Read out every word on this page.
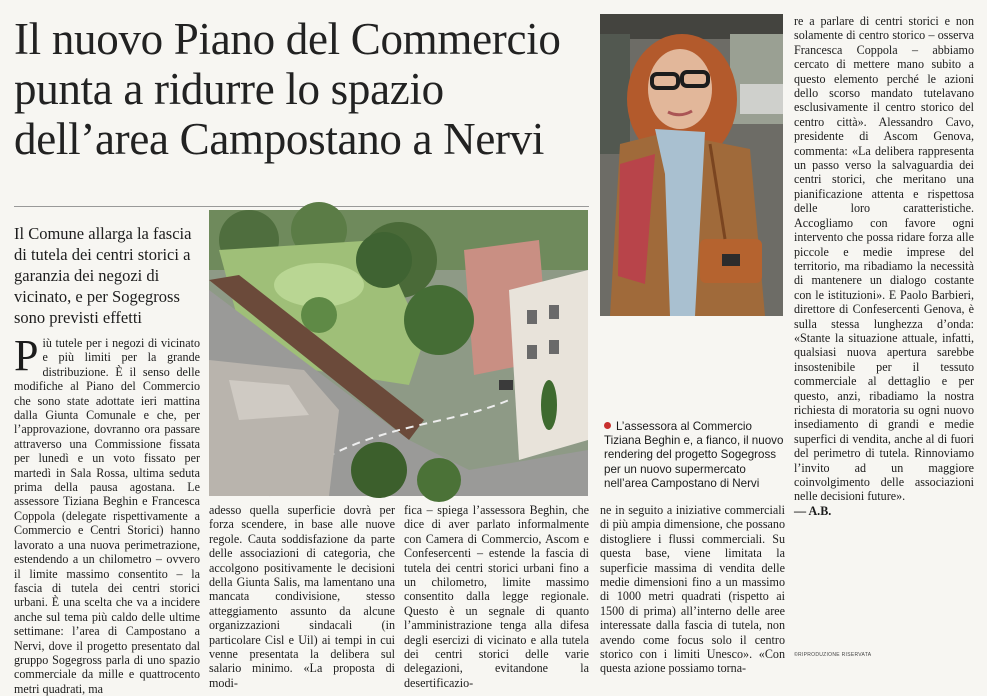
Il nuovo Piano del Commercio punta a ridurre lo spazio dell’area Campostano a Nervi
Il Comune allarga la fascia di tutela dei centri storici a garanzia dei negozi di vicinato, e per Sogegross sono previsti effetti
P iù tutele per i negozi di vicinato e più limiti per la grande distribuzione. È il senso delle modifiche al Piano del Commercio che sono state adottate ieri mattina dalla Giunta Comunale e che, per l’approvazione, dovranno ora passare attraverso una Commissione fissata per lunedì e un voto fissato per martedì in Sala Rossa, ultima seduta prima della pausa agostana. Le assessore Tiziana Beghin e Francesca Coppola (delegate rispettivamente a Commercio e Centri Storici) hanno lavorato a una nuova perimetrazione, estendendo a un chilometro – ovvero il limite massimo consentito – la fascia di tutela dei centri storici urbani. È una scelta che va a incidere anche sul tema più caldo delle ultime settimane: l’area di Campostano a Nervi, dove il progetto presentato dal gruppo Sogegross parla di uno spazio commerciale da mille e quattrocento metri quadrati, ma

adesso quella superficie dovrà per forza scendere, in base alle nuove regole. Cauta soddisfazione da parte delle associazioni di categoria, che accolgono positivamente le decisioni della Giunta Salis, ma lamentano una mancata condivisione, stesso atteggiamento assunto da alcune organizzazioni sindacali (in particolare Cisl e Uil) ai tempi in cui venne presentata la delibera sul salario minimo. «La proposta di modi-

fica – spiega l’assessora Beghin, che dice di aver parlato informalmente con Camera di Commercio, Ascom e Confesercenti – estende la fascia di tutela dei centri storici urbani fino a un chilometro, limite massimo consentito dalla legge regionale. Questo è un segnale di quanto l’amministrazione tenga alla difesa degli esercizi di vicinato e alla tutela dei centri storici delle varie delegazioni, evitandone la desertificazio-

L’assessora al Commercio Tiziana Beghin e, a fianco, il nuovo rendering del progetto Sogegross per un nuovo supermercato nell’area Campostano di Nervi

ne in seguito a iniziative commerciali di più ampia dimensione, che possano distogliere i flussi commerciali. Su questa base, viene limitata la superficie massima di vendita delle medie dimensioni fino a un massimo di 1000 metri quadrati (rispetto ai 1500 di prima) all’interno delle aree interessate dalla fascia di tutela, non avendo come focus solo il centro storico con i limiti Unesco». «Con questa azione possiamo torna-

re a parlare di centri storici e non solamente di centro storico – osserva Francesca Coppola – abbiamo cercato di mettere mano subito a questo elemento perché le azioni dello scorso mandato tutelavano esclusivamente il centro storico del centro città». Alessandro Cavo, presidente di Ascom Genova, commenta: «La delibera rappresenta un passo verso la salvaguardia dei centri storici, che meritano una pianificazione attenta e rispettosa delle loro caratteristiche. Accogliamo con favore ogni intervento che possa ridare forza alle piccole e medie imprese del territorio, ma ribadiamo la necessità di mantenere un dialogo costante con le istituzioni». E Paolo Barbieri, direttore di Confesercenti Genova, è sulla stessa lunghezza d’onda: «Stante la situazione attuale, infatti, qualsiasi nuova apertura sarebbe insostenibile per il tessuto commerciale al dettaglio e per questo, anzi, ribadiamo la nostra richiesta di moratoria su ogni nuovo insediamento di grandi e medie superfici di vendita, anche al di fuori del perimetro di tutela. Rinnoviamo l’invito ad un maggiore coinvolgimento delle associazioni nelle decisioni future».

— A.B.

©RIPRODUZIONE RISERVATA
